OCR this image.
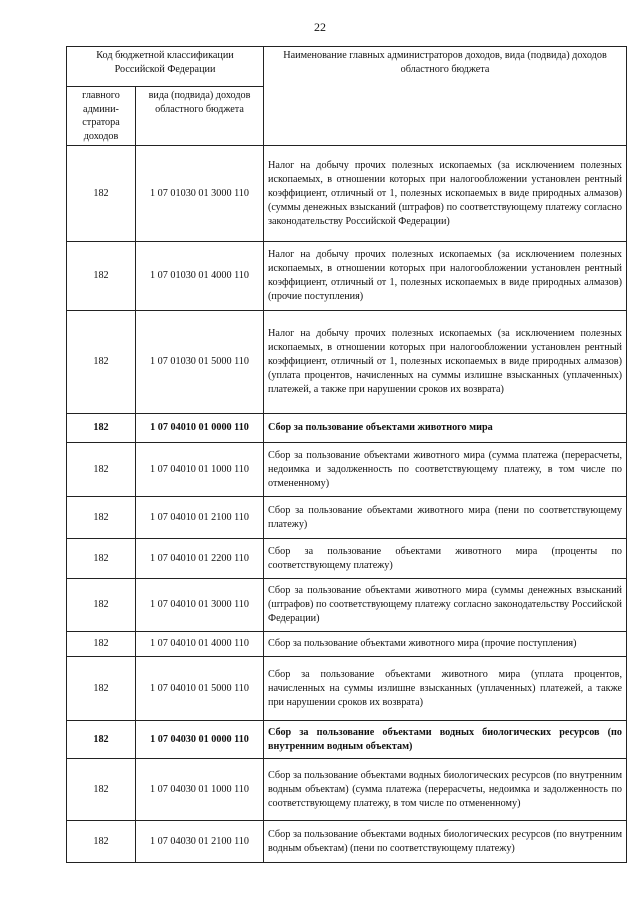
22
Код бюджетной классификации Российской Федерации		Наименование главных администраторов доходов, вида (подвида) доходов областного бюджета
главного админи-стратора доходов	вида (подвида) доходов областного бюджета	
182	1 07 01030 01 3000 110	Налог на добычу прочих полезных ископаемых (за исключением полезных ископаемых, в отношении которых при налогообложении установлен рентный коэффициент, отличный от 1, полезных ископаемых в виде природных алмазов) (суммы денежных взысканий (штрафов) по соответствующему платежу согласно законодательству Российской Федерации)
182	1 07 01030 01 4000 110	Налог на добычу прочих полезных ископаемых (за исключением полезных ископаемых, в отношении которых при налогообложении установлен рентный коэффициент, отличный от 1, полезных ископаемых в виде природных алмазов) (прочие поступления)
182	1 07 01030 01 5000 110	Налог на добычу прочих полезных ископаемых (за исключением полезных ископаемых, в отношении которых при налогообложении установлен рентный коэффициент, отличный от 1, полезных ископаемых в виде природных алмазов) (уплата процентов, начисленных на суммы излишне взысканных (уплаченных) платежей, а также при нарушении сроков их возврата)
182	1 07 04010 01 0000 110	Сбор за пользование объектами животного мира
182	1 07 04010 01 1000 110	Сбор за пользование объектами животного мира (сумма платежа (перерасчеты, недоимка и задолженность по соответствующему платежу, в том числе по отмененному)
182	1 07 04010 01 2100 110	Сбор за пользование объектами животного мира (пени по соответствующему платежу)
182	1 07 04010 01 2200 110	Сбор за пользование объектами животного мира (проценты по соответствующему платежу)
182	1 07 04010 01 3000 110	Сбор за пользование объектами животного мира (суммы денежных взысканий (штрафов) по соответствующему платежу согласно законодательству Российской Федерации)
182	1 07 04010 01 4000 110	Сбор за пользование объектами животного мира (прочие поступления)
182	1 07 04010 01 5000 110	Сбор за пользование объектами животного мира (уплата процентов, начисленных на суммы излишне взысканных (уплаченных) платежей, а также при нарушении сроков их возврата)
182	1 07 04030 01 0000 110	Сбор за пользование объектами водных биологических ресурсов (по внутренним водным объектам)
182	1 07 04030 01 1000 110	Сбор за пользование объектами водных биологических ресурсов (по внутренним водным объектам) (сумма платежа (перерасчеты, недоимка и задолженность по соответствующему платежу, в том числе по отмененному)
182	1 07 04030 01 2100 110	Сбор за пользование объектами водных биологических ресурсов (по внутренним водным объектам) (пени по соответствующему платежу)
